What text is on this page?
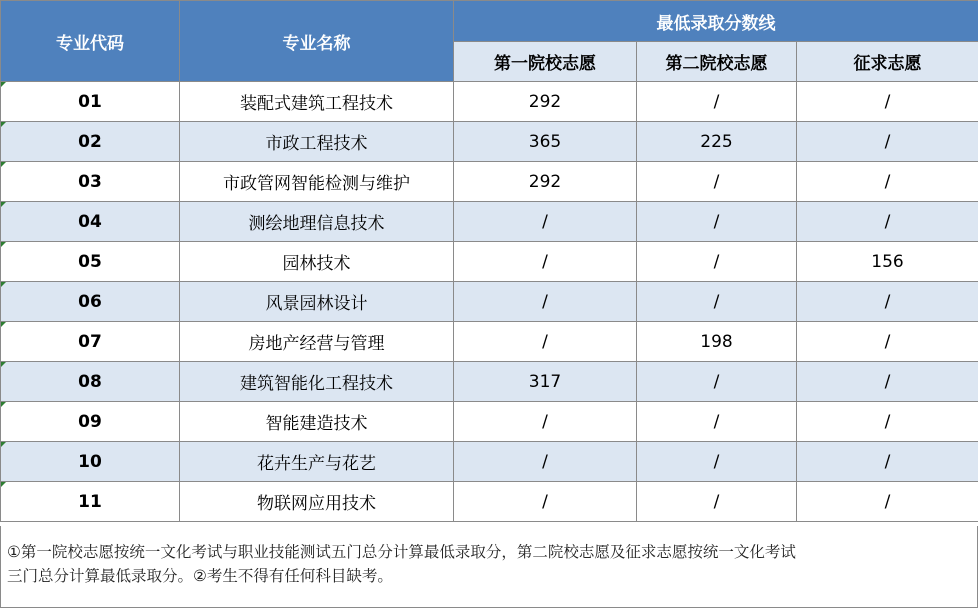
专业代码	专业名称	最低录取分数线		
		第一院校志愿	第二院校志愿	征求志愿

01	装配式建筑工程技术	292	/	/

02	市政工程技术	365	225	/

03	市政管网智能检测与维护	292	/	/

04	测绘地理信息技术	/	/	/

05	园林技术	/	/	156

06	风景园林设计	/	/	/

07	房地产经营与管理	/	198	/

08	建筑智能化工程技术	317	/	/

09	智能建造技术	/	/	/

10	花卉生产与花艺	/	/	/

11	物联网应用技术	/	/	/
①第一院校志愿按统一文化考试与职业技能测试五门总分计算最低录取分，第二院校志愿及征求志愿按统一文化考试
三门总分计算最低录取分。②考生不得有任何科目缺考。
